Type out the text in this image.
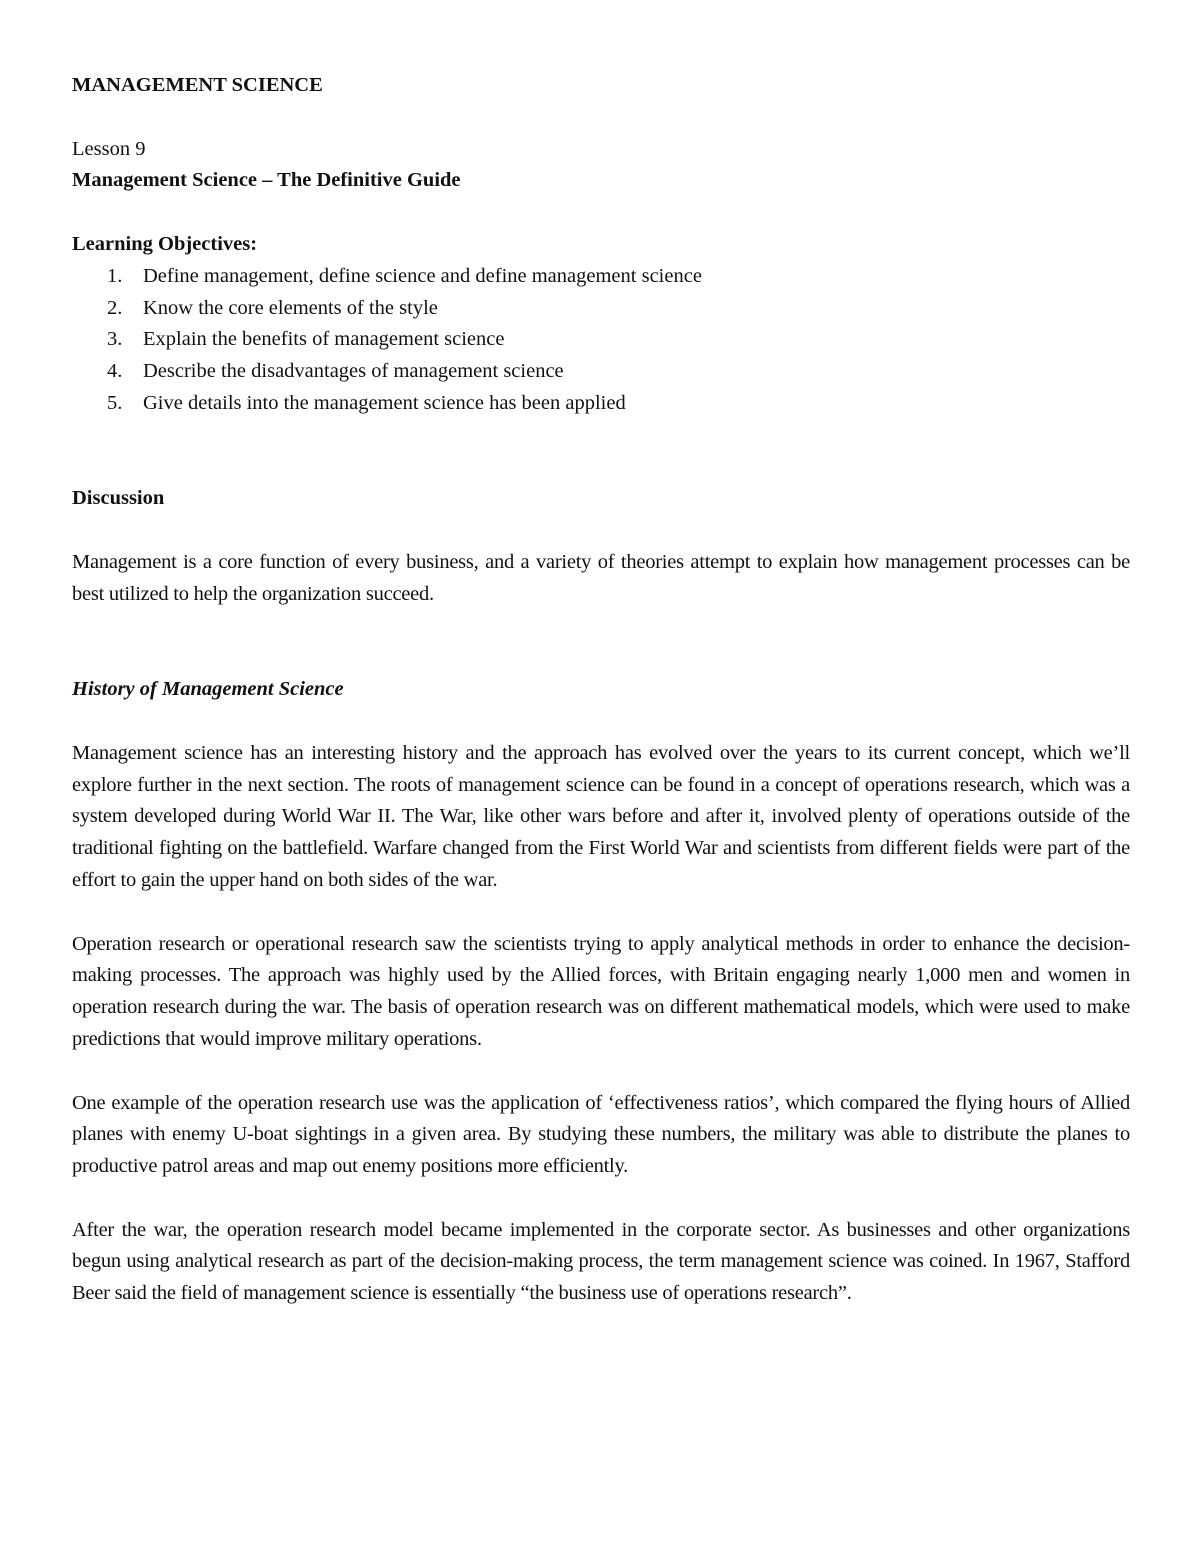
MANAGEMENT SCIENCE
Lesson 9
Management Science – The Definitive Guide
Learning Objectives:
1. Define management, define science and define management science
2. Know the core elements of the style
3. Explain the benefits of management science
4. Describe the disadvantages of management science
5. Give details into the management science has been applied
Discussion

Management is a core function of every business, and a variety of theories attempt to explain how management processes can be best utilized to help the organization succeed.

History of Management Science

Management science has an interesting history and the approach has evolved over the years to its current concept, which we’ll explore further in the next section. The roots of management science can be found in a concept of operations research, which was a system developed during World War II. The War, like other wars before and after it, involved plenty of operations outside of the traditional fighting on the battlefield. Warfare changed from the First World War and scientists from different fields were part of the effort to gain the upper hand on both sides of the war.

Operation research or operational research saw the scientists trying to apply analytical methods in order to enhance the decision-making processes. The approach was highly used by the Allied forces, with Britain engaging nearly 1,000 men and women in operation research during the war. The basis of operation research was on different mathematical models, which were used to make predictions that would improve military operations.

One example of the operation research use was the application of ‘effectiveness ratios’, which compared the flying hours of Allied planes with enemy U-boat sightings in a given area. By studying these numbers, the military was able to distribute the planes to productive patrol areas and map out enemy positions more efficiently.

After the war, the operation research model became implemented in the corporate sector. As businesses and other organizations begun using analytical research as part of the decision-making process, the term management science was coined. In 1967, Stafford Beer said the field of management science is essentially “the business use of operations research”.
